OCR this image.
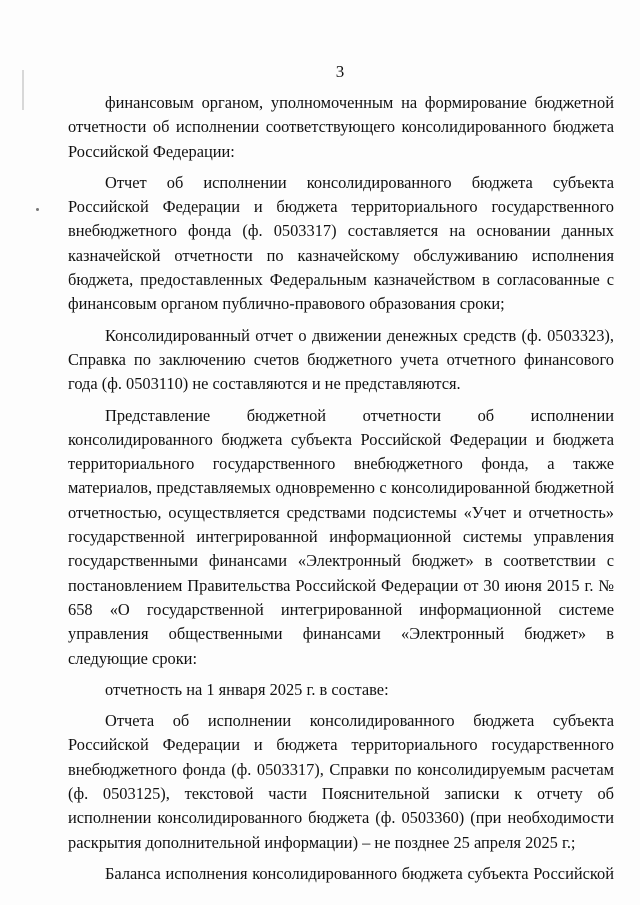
3

финансовым органом, уполномоченным на формирование бюджетной отчетности об исполнении соответствующего консолидированного бюджета Российской Федерации:

Отчет об исполнении консолидированного бюджета субъекта Российской Федерации и бюджета территориального государственного внебюджетного фонда (ф. 0503317) составляется на основании данных казначейской отчетности по казначейскому обслуживанию исполнения бюджета, предоставленных Федеральным казначейством в согласованные с финансовым органом публично-правового образования сроки;

Консолидированный отчет о движении денежных средств (ф. 0503323), Справка по заключению счетов бюджетного учета отчетного финансового года (ф. 0503110) не составляются и не представляются.

Представление бюджетной отчетности об исполнении консолидированного бюджета субъекта Российской Федерации и бюджета территориального государственного внебюджетного фонда, а также материалов, представляемых одновременно с консолидированной бюджетной отчетностью, осуществляется средствами подсистемы «Учет и отчетность» государственной интегрированной информационной системы управления государственными финансами «Электронный бюджет» в соответствии с постановлением Правительства Российской Федерации от 30 июня 2015 г. № 658 «О государственной интегрированной информационной системе управления общественными финансами «Электронный бюджет» в следующие сроки:

отчетность на 1 января 2025 г. в составе:

Отчета об исполнении консолидированного бюджета субъекта Российской Федерации и бюджета территориального государственного внебюджетного фонда (ф. 0503317), Справки по консолидируемым расчетам (ф. 0503125), текстовой части Пояснительной записки к отчету об исполнении консолидированного бюджета (ф. 0503360) (при необходимости раскрытия дополнительной информации) – не позднее 25 апреля 2025 г.;

Баланса исполнения консолидированного бюджета субъекта Российской
